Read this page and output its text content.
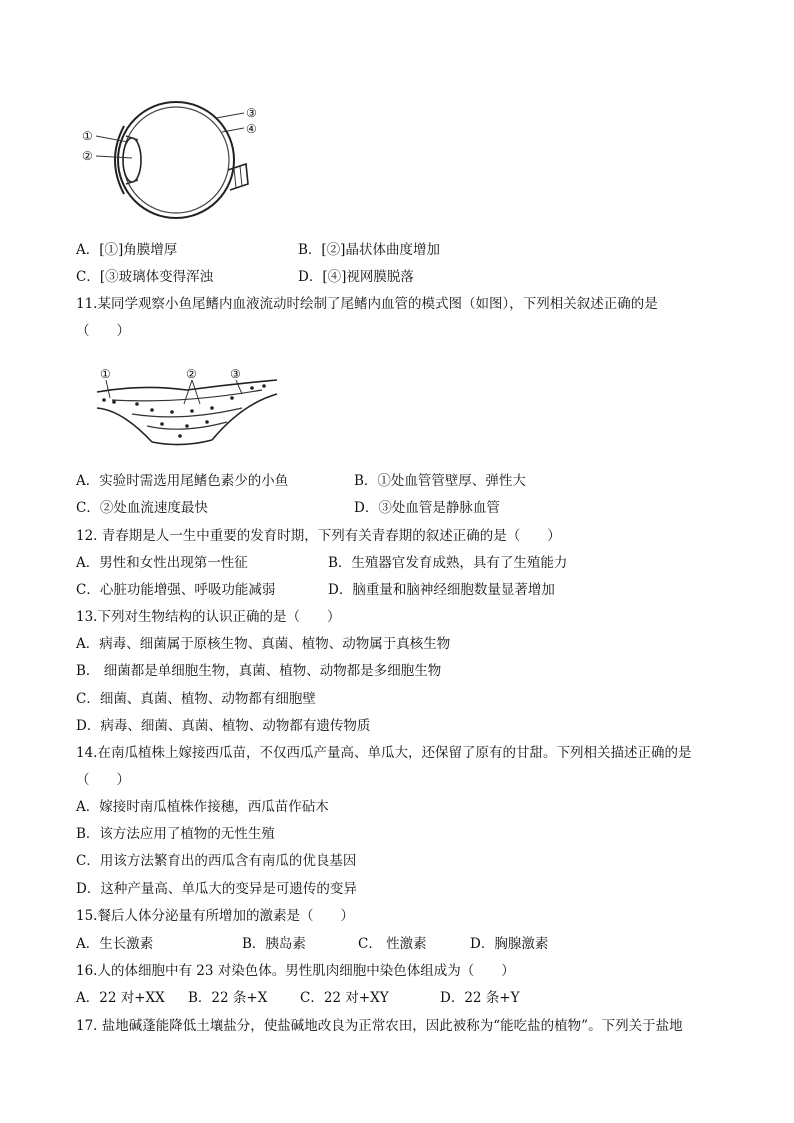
①
②
③
④
A．[①]角膜增厚	B．[②]晶状体曲度增加
C．[③玻璃体变得浑浊	D．[④]视网膜脱落
11.某同学观察小鱼尾鳍内血液流动时绘制了尾鳍内血管的模式图（如图），下列相关叙述正确的是
（　　）
①	②	③
A．实验时需选用尾鳍色素少的小鱼	B．①处血管管壁厚、弹性大
C．②处血流速度最快	D．③处血管是静脉血管
12. 青春期是人一生中重要的发育时期，下列有关青春期的叙述正确的是（　　）
A．男性和女性出现第一性征	B．生殖器官发育成熟，具有了生殖能力
C．心脏功能增强、呼吸功能减弱	D．脑重量和脑神经细胞数量显著增加
13.下列对生物结构的认识正确的是（　　）
A．病毒、细菌属于原核生物、真菌、植物、动物属于真核生物
B． 细菌都是单细胞生物，真菌、植物、动物都是多细胞生物
C．细菌、真菌、植物、动物都有细胞壁
D．病毒、细菌、真菌、植物、动物都有遗传物质
14.在南瓜植株上嫁接西瓜苗，不仅西瓜产量高、单瓜大，还保留了原有的甘甜。下列相关描述正确的是
（　　）
A．嫁接时南瓜植株作接穗，西瓜苗作砧木
B．该方法应用了植物的无性生殖
C．用该方法繁育出的西瓜含有南瓜的优良基因
D．这种产量高、单瓜大的变异是可遗传的变异
15.餐后人体分泌量有所增加的激素是（　　）
A．生长激素	B．胰岛素	C． 性激素	D．胸腺激素
16.人的体细胞中有 23 对染色体。男性肌肉细胞中染色体组成为（　　）
A．22 对+XX B．22 条+X C．22 对+XY	D．22 条+Y
17. 盐地碱蓬能降低土壤盐分，使盐碱地改良为正常农田，因此被称为“能吃盐的植物”。下列关于盐地
